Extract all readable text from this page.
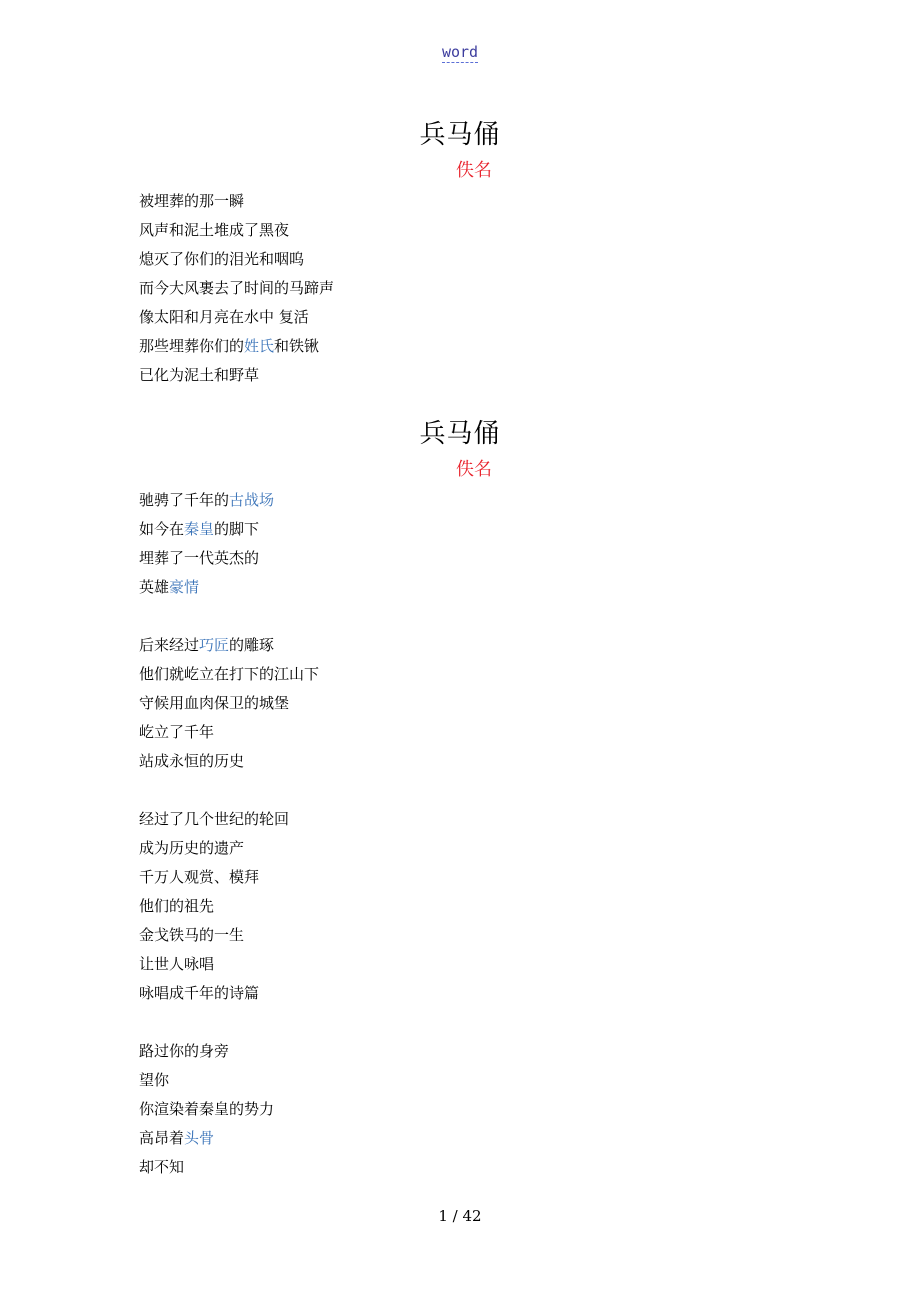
word
兵马俑
佚名
被埋葬的那一瞬
风声和泥土堆成了黑夜
熄灭了你们的泪光和咽呜
而今大风裹去了时间的马蹄声
像太阳和月亮在水中 复活
那些埋葬你们的姓氏和铁锹
已化为泥土和野草
兵马俑
佚名
驰骋了千年的古战场
如今在秦皇的脚下
埋葬了一代英杰的
英雄豪情
后来经过巧匠的雕琢
他们就屹立在打下的江山下
守候用血肉保卫的城堡
屹立了千年
站成永恒的历史
经过了几个世纪的轮回
成为历史的遗产
千万人观赏、模拜
他们的祖先
金戈铁马的一生
让世人咏唱
咏唱成千年的诗篇
路过你的身旁
望你
你渲染着秦皇的势力
高昂着头骨
却不知
1 / 42
